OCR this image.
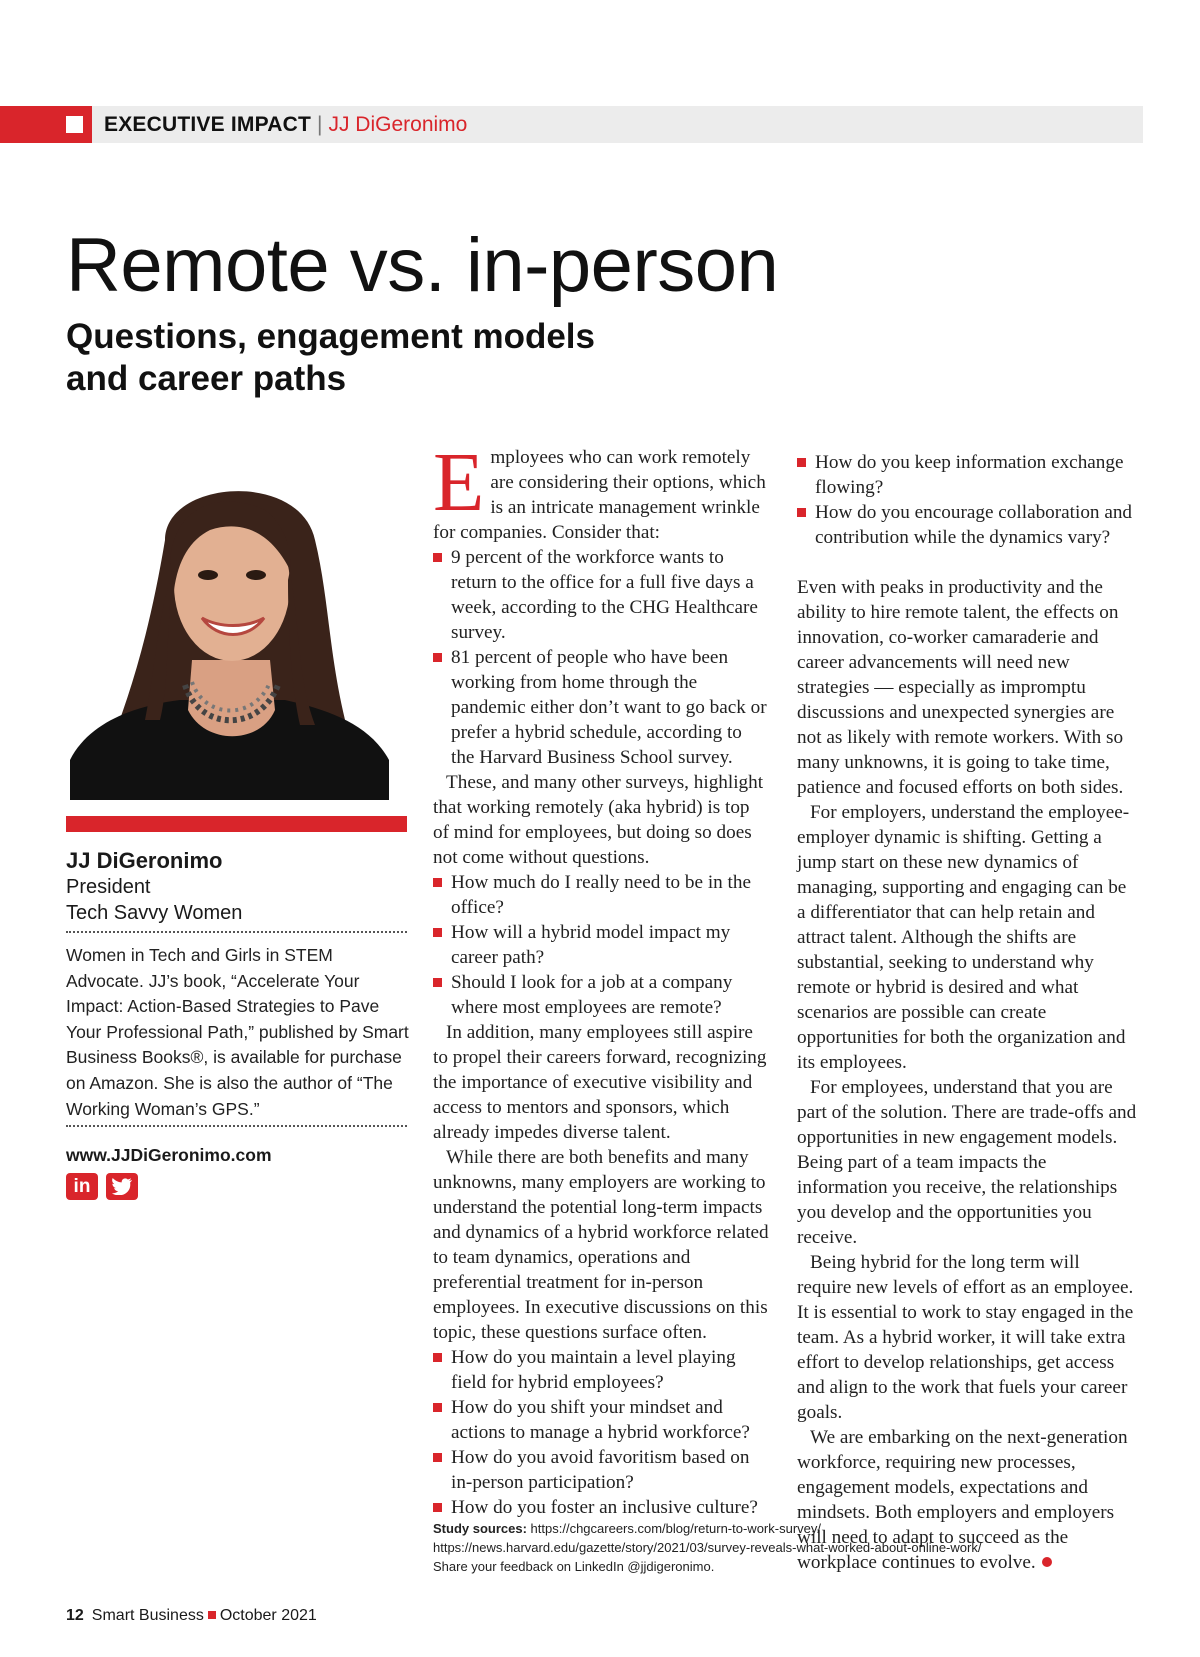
EXECUTIVE IMPACT | JJ DiGeronimo
Remote vs. in-person
Questions, engagement models and career paths
JJ DiGeronimo
President
Tech Savvy Women
Women in Tech and Girls in STEM Advocate. JJ’s book, “Accelerate Your Impact: Action-Based Strategies to Pave Your Professional Path,” published by Smart Business Books®, is available for purchase on Amazon. She is also the author of “The Working Woman’s GPS.”
www.JJDiGeronimo.com
in

Employees who can work remotely are considering their options, which is an intricate management wrinkle for companies. Consider that:

9 percent of the workforce wants to return to the office for a full five days a week, according to the CHG Healthcare survey.
81 percent of people who have been working from home through the pandemic either don’t want to go back or prefer a hybrid schedule, according to the Harvard Business School survey.

These, and many other surveys, highlight that working remotely (aka hybrid) is top of mind for employees, but doing so does not come without questions.

How much do I really need to be in the office?
How will a hybrid model impact my career path?
Should I look for a job at a company where most employees are remote?

In addition, many employees still aspire to propel their careers forward, recognizing the importance of executive visibility and access to mentors and sponsors, which already impedes diverse talent.

While there are both benefits and many unknowns, many employers are working to understand the potential long-term impacts and dynamics of a hybrid workforce related to team dynamics, operations and preferential treatment for in-person employees. In executive discussions on this topic, these questions surface often.

How do you maintain a level playing field for hybrid employees?
How do you shift your mindset and actions to manage a hybrid workforce?
How do you avoid favoritism based on in-person participation?
How do you foster an inclusive culture?
How do you keep information exchange flowing?
How do you encourage collaboration and contribution while the dynamics vary?

Even with peaks in productivity and the ability to hire remote talent, the effects on innovation, co-worker camaraderie and career advancements will need new strategies — especially as impromptu discussions and unexpected synergies are not as likely with remote workers. With so many unknowns, it is going to take time, patience and focused efforts on both sides.

For employers, understand the employee-employer dynamic is shifting. Getting a jump start on these new dynamics of managing, supporting and engaging can be a differentiator that can help retain and attract talent. Although the shifts are substantial, seeking to understand why remote or hybrid is desired and what scenarios are possible can create opportunities for both the organization and its employees.

For employees, understand that you are part of the solution. There are trade-offs and opportunities in new engagement models. Being part of a team impacts the information you receive, the relationships you develop and the opportunities you receive.

Being hybrid for the long term will require new levels of effort as an employee. It is essential to work to stay engaged in the team. As a hybrid worker, it will take extra effort to develop relationships, get access and align to the work that fuels your career goals.

We are embarking on the next-generation workforce, requiring new processes, engagement models, expectations and mindsets. Both employers and employers will need to adapt to succeed as the workplace continues to evolve.

Study sources: https://chgcareers.com/blog/return-to-work-survey/
https://news.harvard.edu/gazette/story/2021/03/survey-reveals-what-worked-about-online-work/
Share your feedback on LinkedIn @jjdigeronimo.
12 Smart Business October 2021
